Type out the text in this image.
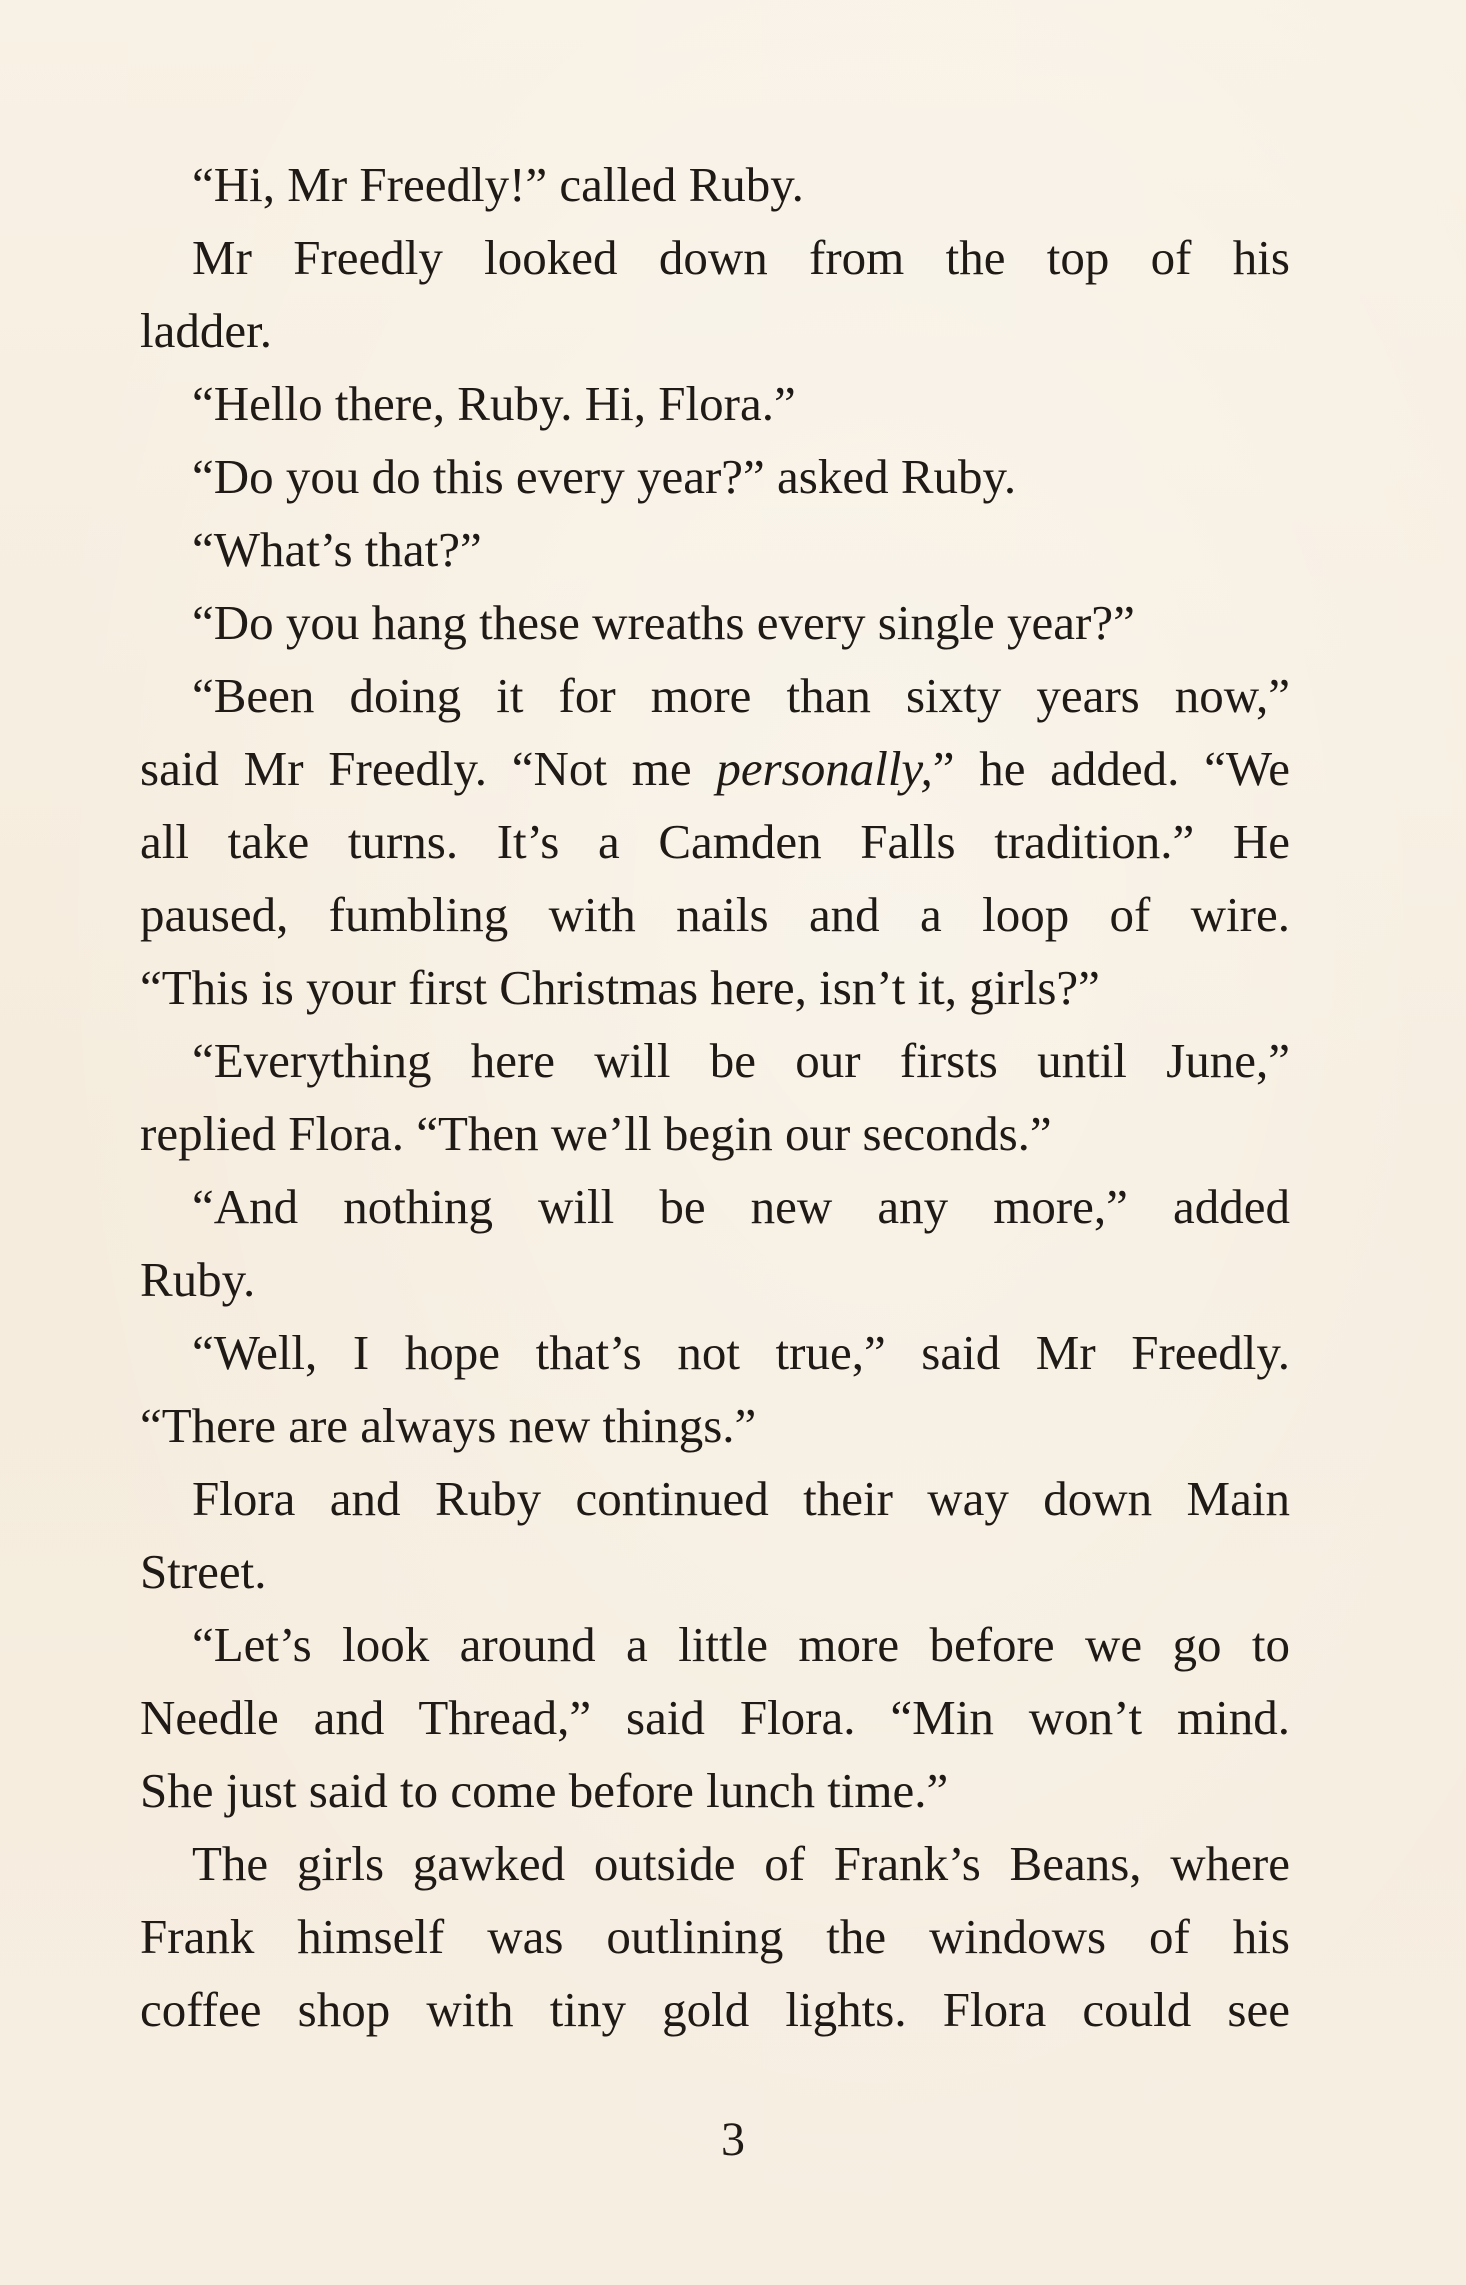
“Hi, Mr Freedly!” called Ruby.
Mr Freedly looked down from the top of his
ladder.
“Hello there, Ruby. Hi, Flora.”
“Do you do this every year?” asked Ruby.
“What’s that?”
“Do you hang these wreaths every single year?”
“Been doing it for more than sixty years now,”
said Mr Freedly. “Not me personally,” he added. “We
all take turns. It’s a Camden Falls tradition.” He
paused, fumbling with nails and a loop of wire.
“This is your first Christmas here, isn’t it, girls?”
“Everything here will be our firsts until June,”
replied Flora. “Then we’ll begin our seconds.”
“And nothing will be new any more,” added
Ruby.
“Well, I hope that’s not true,” said Mr Freedly.
“There are always new things.”
Flora and Ruby continued their way down Main
Street.
“Let’s look around a little more before we go to
Needle and Thread,” said Flora. “Min won’t mind.
She just said to come before lunch time.”
The girls gawked outside of Frank’s Beans, where
Frank himself was outlining the windows of his
coffee shop with tiny gold lights. Flora could see
3
